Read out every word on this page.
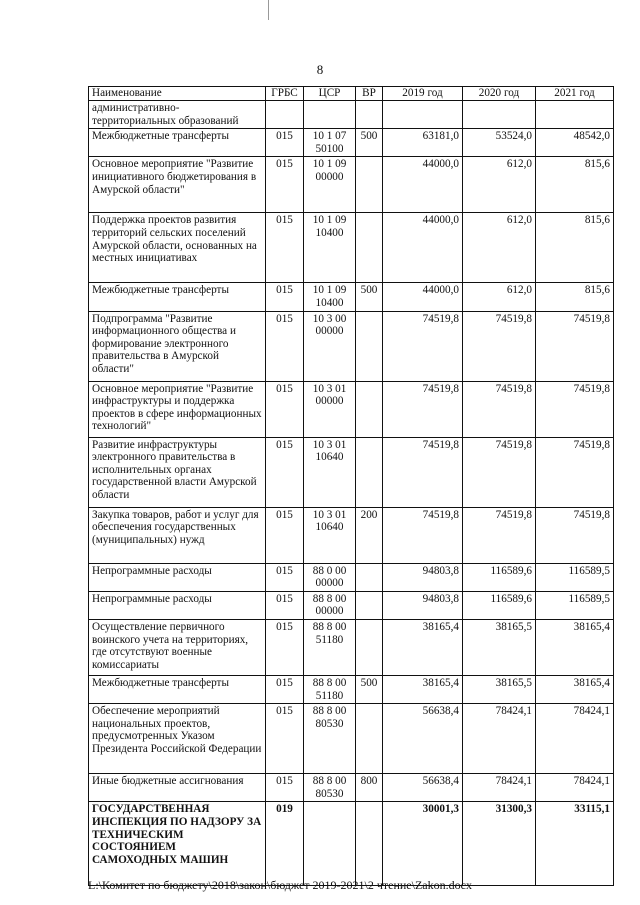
8
Наименование	ГРБС	ЦСР	ВР	2019 год	2020 год	2021 год
административно-территориальных образований						
Межбюджетные трансферты	015	10 1 07 50100	500	63181,0	53524,0	48542,0
Основное мероприятие "Развитие инициативного бюджетирования в Амурской области"	015	10 1 09 00000		44000,0	612,0	815,6
Поддержка проектов развития территорий сельских поселений Амурской области, основанных на местных инициативах	015	10 1 09 10400		44000,0	612,0	815,6
Межбюджетные трансферты	015	10 1 09 10400	500	44000,0	612,0	815,6
Подпрограмма "Развитие информационного общества и формирование электронного правительства в Амурской области"	015	10 3 00 00000		74519,8	74519,8	74519,8
Основное мероприятие "Развитие инфраструктуры и поддержка проектов в сфере информационных технологий"	015	10 3 01 00000		74519,8	74519,8	74519,8
Развитие инфраструктуры электронного правительства в исполнительных органах государственной власти Амурской области	015	10 3 01 10640		74519,8	74519,8	74519,8
Закупка товаров, работ и услуг для обеспечения государственных (муниципальных) нужд	015	10 3 01 10640	200	74519,8	74519,8	74519,8
Непрограммные расходы	015	88 0 00 00000		94803,8	116589,6	116589,5
Непрограммные расходы	015	88 8 00 00000		94803,8	116589,6	116589,5
Осуществление первичного воинского учета на территориях, где отсутствуют военные комиссариаты	015	88 8 00 51180		38165,4	38165,5	38165,4
Межбюджетные трансферты	015	88 8 00 51180	500	38165,4	38165,5	38165,4
Обеспечение мероприятий национальных проектов, предусмотренных Указом Президента Российской Федерации	015	88 8 00 80530		56638,4	78424,1	78424,1
Иные бюджетные ассигнования	015	88 8 00 80530	800	56638,4	78424,1	78424,1
ГОСУДАРСТВЕННАЯ ИНСПЕКЦИЯ ПО НАДЗОРУ ЗА ТЕХНИЧЕСКИМ СОСТОЯНИЕМ САМОХОДНЫХ МАШИН	019			30001,3	31300,3	33115,1
L:\Комитет по бюджету\2018\закон\бюджет 2019-2021\2 чтение\Zakon.docx
